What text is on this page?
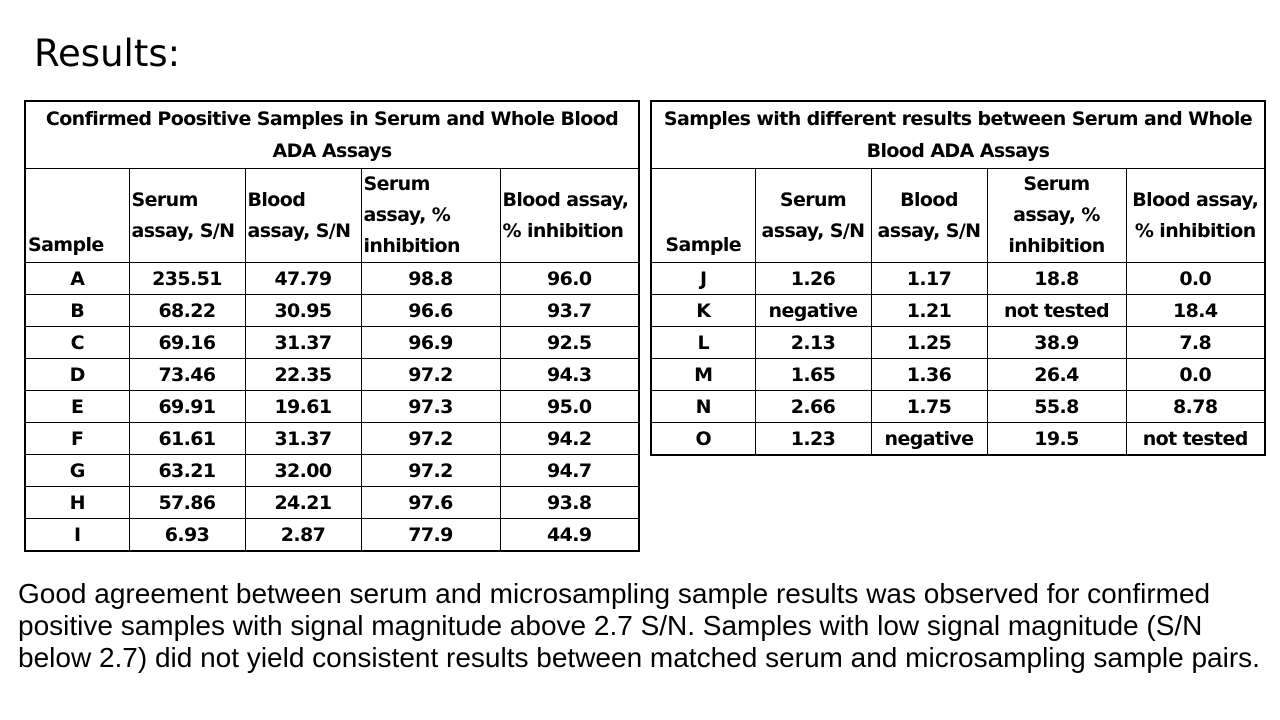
Results:
Confirmed Poositive Samples in Serum and Whole Blood ADA Assays				
Sample	Serum assay, S/N	Blood assay, S/N	Serum assay, % inhibition	Blood assay, % inhibition
A	235.51	47.79	98.8	96.0
B	68.22	30.95	96.6	93.7
C	69.16	31.37	96.9	92.5
D	73.46	22.35	97.2	94.3
E	69.91	19.61	97.3	95.0
F	61.61	31.37	97.2	94.2
G	63.21	32.00	97.2	94.7
H	57.86	24.21	97.6	93.8
I	6.93	2.87	77.9	44.9
Samples with different results between Serum and Whole Blood ADA Assays				
Sample	Serum assay, S/N	Blood assay, S/N	Serum assay, % inhibition	Blood assay, % inhibition
J	1.26	1.17	18.8	0.0
K	negative	1.21	not tested	18.4
L	2.13	1.25	38.9	7.8
M	1.65	1.36	26.4	0.0
N	2.66	1.75	55.8	8.78
O	1.23	negative	19.5	not tested

Good agreement between serum and microsampling sample results was observed for confirmed positive samples with signal magnitude above 2.7 S/N. Samples with low signal magnitude (S/N below 2.7) did not yield consistent results between matched serum and microsampling sample pairs.
